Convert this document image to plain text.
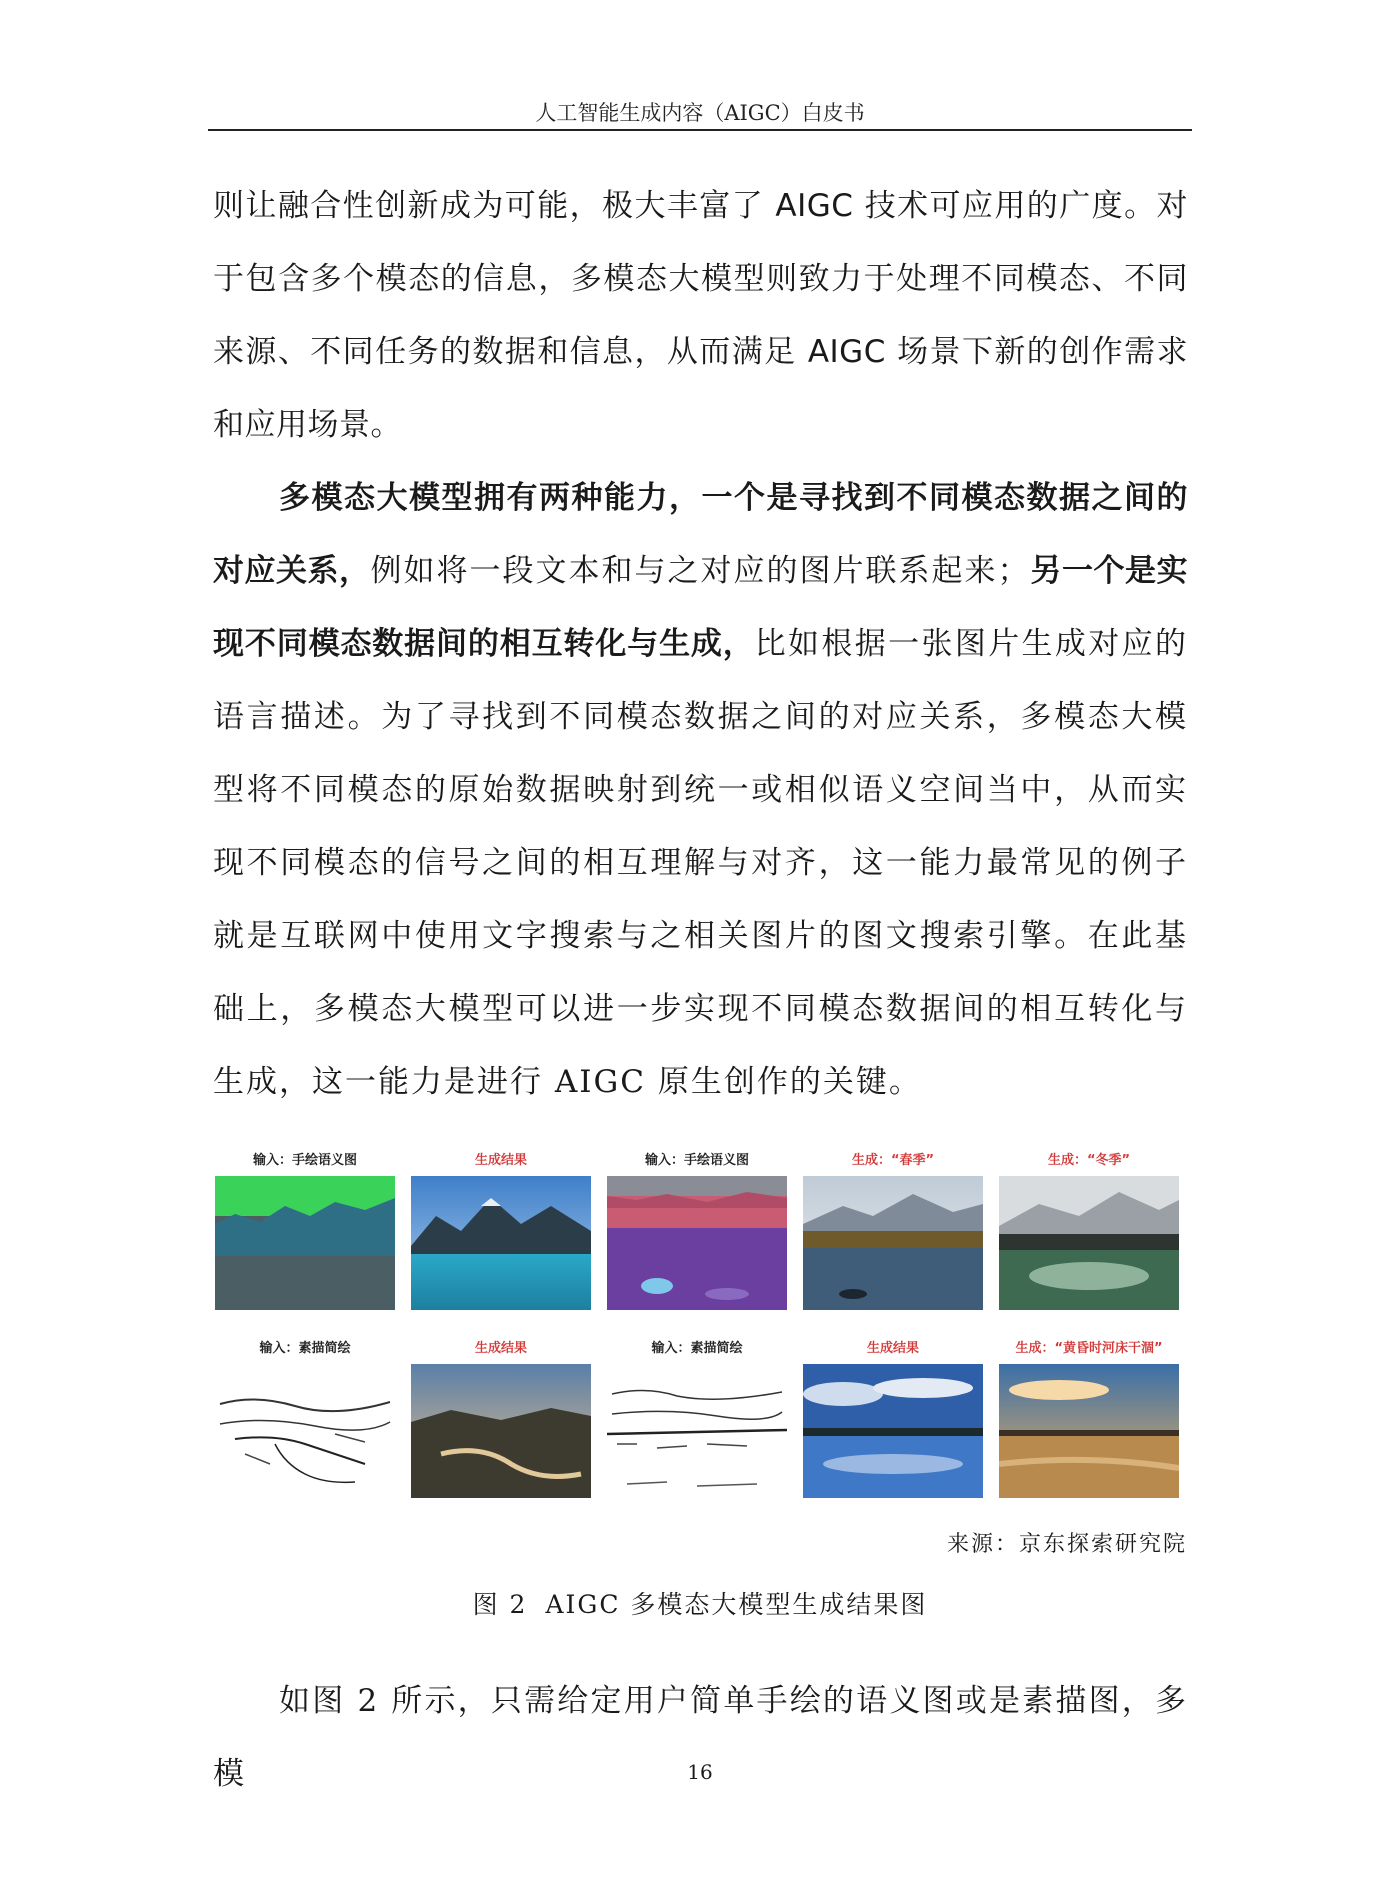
人工智能生成内容（AIGC）白皮书

则让融合性创新成为可能，极大丰富了 AIGC 技术可应用的广度。对于包含多个模态的信息，多模态大模型则致力于处理不同模态、不同来源、不同任务的数据和信息，从而满足 AIGC 场景下新的创作需求和应用场景。

多模态大模型拥有两种能力，一个是寻找到不同模态数据之间的对应关系，例如将一段文本和与之对应的图片联系起来；另一个是实现不同模态数据间的相互转化与生成，比如根据一张图片生成对应的语言描述。为了寻找到不同模态数据之间的对应关系，多模态大模型将不同模态的原始数据映射到统一或相似语义空间当中，从而实现不同模态的信号之间的相互理解与对齐，这一能力最常见的例子就是互联网中使用文字搜索与之相关图片的图文搜索引擎。在此基础上，多模态大模型可以进一步实现不同模态数据间的相互转化与生成，这一能力是进行 AIGC 原生创作的关键。

输入：手绘语义图	生成结果	输入：手绘语义图	生成：“春季”	生成：“冬季”
输入：素描简绘	生成结果	输入：素描简绘	生成结果	生成：“黄昏时河床干涸”
来源：京东探索研究院
图 2 AIGC 多模态大模型生成结果图

如图 2 所示，只需给定用户简单手绘的语义图或是素描图，多模	16
